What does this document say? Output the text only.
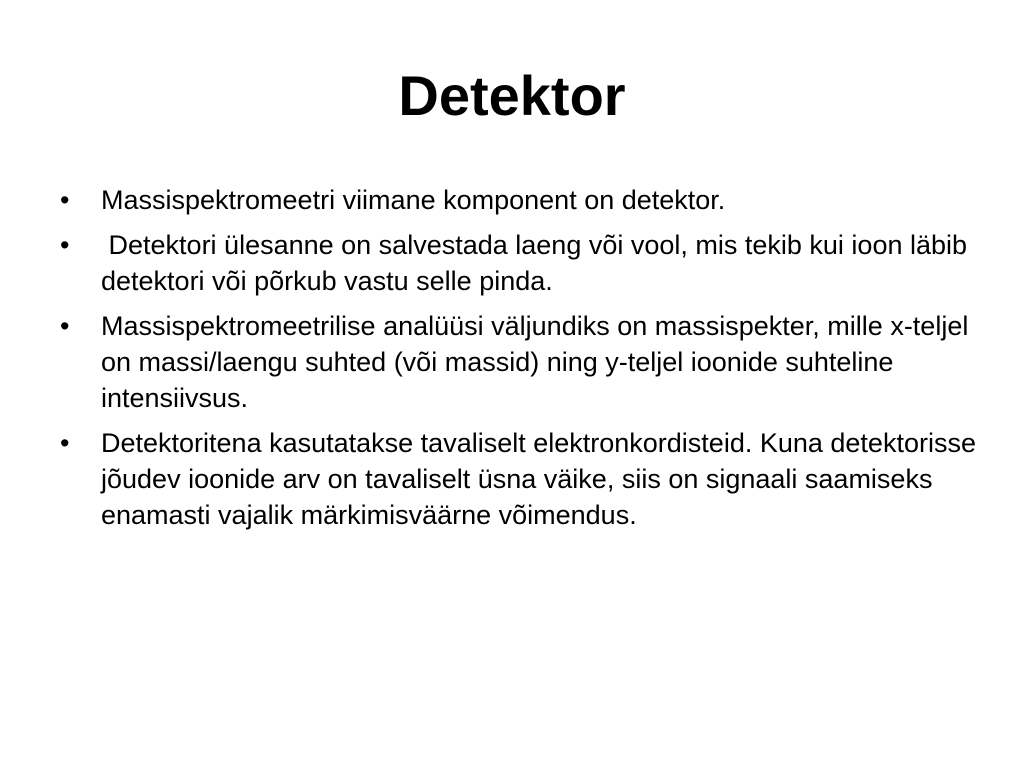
Detektor
•	Massispektromeetri viimane komponent on detektor.
•	Detektori ülesanne on salvestada laeng või vool, mis tekib kui ioon läbib detektori või põrkub vastu selle pinda.
•	Massispektromeetrilise analüüsi väljundiks on massispekter, mille x-teljel on massi/laengu suhted (või massid) ning y-teljel ioonide suhteline intensiivsus.
•	Detektoritena kasutatakse tavaliselt elektronkordisteid. Kuna detektorisse jõudev ioonide arv on tavaliselt üsna väike, siis on signaali saamiseks enamasti vajalik märkimisväärne võimendus.
